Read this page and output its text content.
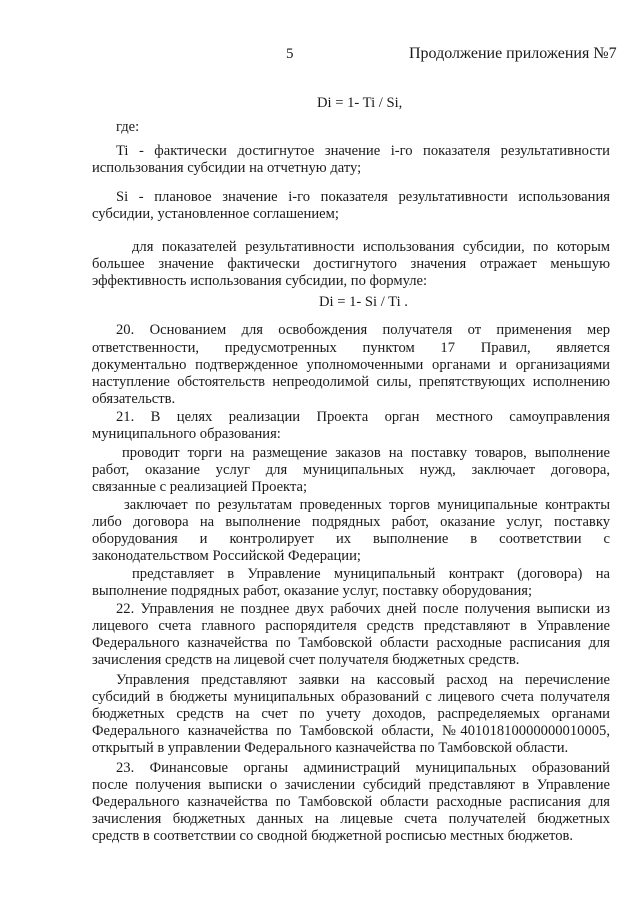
5	Продолжение приложения №7
Di = 1- Ti / Si,
где:
Ti - фактически достигнутое значение i-го показателя результативности
использования субсидии на отчетную дату;
Si - плановое значение i-го показателя результативности использования
субсидии, установленное соглашением;
для показателей результативности использования субсидии, по которым
большее значение фактически достигнутого значения отражает меньшую
эффективность использования субсидии, по формуле:
Di = 1- Si / Ti .
20. Основанием для освобождения получателя от применения мер
ответственности, предусмотренных пунктом 17 Правил, является
документально подтвержденное уполномоченными органами и организациями
наступление обстоятельств непреодолимой силы, препятствующих исполнению
обязательств.
21. В целях реализации Проекта орган местного самоуправления
муниципального образования:
проводит торги на размещение заказов на поставку товаров, выполнение
работ, оказание услуг для муниципальных нужд, заключает договора,
связанные с реализацией Проекта;
заключает по результатам проведенных торгов муниципальные контракты
либо договора на выполнение подрядных работ, оказание услуг, поставку
оборудования и контролирует их выполнение в соответствии с
законодательством Российской Федерации;
представляет в Управление муниципальный контракт (договора) на
выполнение подрядных работ, оказание услуг, поставку оборудования;
22. Управления не позднее двух рабочих дней после получения выписки из
лицевого счета главного распорядителя средств представляют в Управление
Федерального казначейства по Тамбовской области расходные расписания для
зачисления средств на лицевой счет получателя бюджетных средств.
Управления представляют заявки на кассовый расход на перечисление
субсидий в бюджеты муниципальных образований с лицевого счета получателя
бюджетных средств на счет по учету доходов, распределяемых органами
Федерального казначейства по Тамбовской области, №40101810000000010005,
открытый в управлении Федерального казначейства по Тамбовской области.
23. Финансовые органы администраций муниципальных образований
после получения выписки о зачислении субсидий представляют в Управление
Федерального казначейства по Тамбовской области расходные расписания для
зачисления бюджетных данных на лицевые счета получателей бюджетных
средств в соответствии со сводной бюджетной росписью местных бюджетов.
